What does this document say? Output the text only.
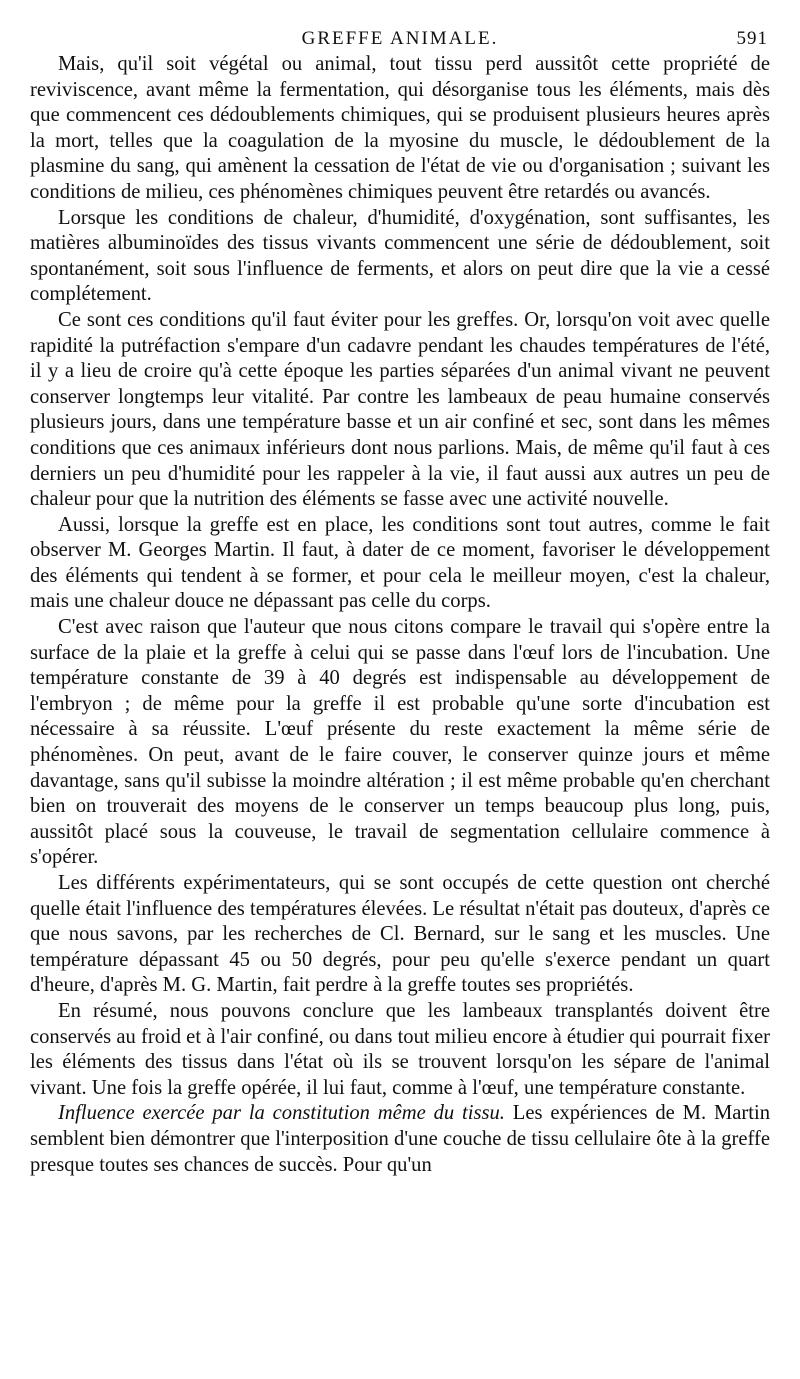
GREFFE ANIMALE.	591

Mais, qu'il soit végétal ou animal, tout tissu perd aussitôt cette propriété de reviviscence, avant même la fermentation, qui désorganise tous les éléments, mais dès que commencent ces dédoublements chimiques, qui se produisent plusieurs heures après la mort, telles que la coagulation de la myosine du muscle, le dédoublement de la plasmine du sang, qui amènent la cessation de l'état de vie ou d'organisation ; suivant les conditions de milieu, ces phénomènes chimiques peuvent être retardés ou avancés.

Lorsque les conditions de chaleur, d'humidité, d'oxygénation, sont suffisantes, les matières albuminoïdes des tissus vivants commencent une série de dédoublement, soit spontanément, soit sous l'influence de ferments, et alors on peut dire que la vie a cessé complétement.

Ce sont ces conditions qu'il faut éviter pour les greffes. Or, lorsqu'on voit avec quelle rapidité la putréfaction s'empare d'un cadavre pendant les chaudes températures de l'été, il y a lieu de croire qu'à cette époque les parties séparées d'un animal vivant ne peuvent conserver longtemps leur vitalité. Par contre les lambeaux de peau humaine conservés plusieurs jours, dans une température basse et un air confiné et sec, sont dans les mêmes conditions que ces animaux inférieurs dont nous parlions. Mais, de même qu'il faut à ces derniers un peu d'humidité pour les rappeler à la vie, il faut aussi aux autres un peu de chaleur pour que la nutrition des éléments se fasse avec une activité nouvelle.

Aussi, lorsque la greffe est en place, les conditions sont tout autres, comme le fait observer M. Georges Martin. Il faut, à dater de ce moment, favoriser le développement des éléments qui tendent à se former, et pour cela le meilleur moyen, c'est la chaleur, mais une chaleur douce ne dépassant pas celle du corps.

C'est avec raison que l'auteur que nous citons compare le travail qui s'opère entre la surface de la plaie et la greffe à celui qui se passe dans l'œuf lors de l'incubation. Une température constante de 39 à 40 degrés est indispensable au développement de l'embryon ; de même pour la greffe il est probable qu'une sorte d'incubation est nécessaire à sa réussite. L'œuf présente du reste exactement la même série de phénomènes. On peut, avant de le faire couver, le conserver quinze jours et même davantage, sans qu'il subisse la moindre altération ; il est même probable qu'en cherchant bien on trouverait des moyens de le conserver un temps beaucoup plus long, puis, aussitôt placé sous la couveuse, le travail de segmentation cellulaire commence à s'opérer.

Les différents expérimentateurs, qui se sont occupés de cette question ont cherché quelle était l'influence des températures élevées. Le résultat n'était pas douteux, d'après ce que nous savons, par les recherches de Cl. Bernard, sur le sang et les muscles. Une température dépassant 45 ou 50 degrés, pour peu qu'elle s'exerce pendant un quart d'heure, d'après M. G. Martin, fait perdre à la greffe toutes ses propriétés.

En résumé, nous pouvons conclure que les lambeaux transplantés doivent être conservés au froid et à l'air confiné, ou dans tout milieu encore à étudier qui pourrait fixer les éléments des tissus dans l'état où ils se trouvent lorsqu'on les sépare de l'animal vivant. Une fois la greffe opérée, il lui faut, comme à l'œuf, une température constante.

Influence exercée par la constitution même du tissu. Les expériences de M. Martin semblent bien démontrer que l'interposition d'une couche de tissu cellulaire ôte à la greffe presque toutes ses chances de succès. Pour qu'un
